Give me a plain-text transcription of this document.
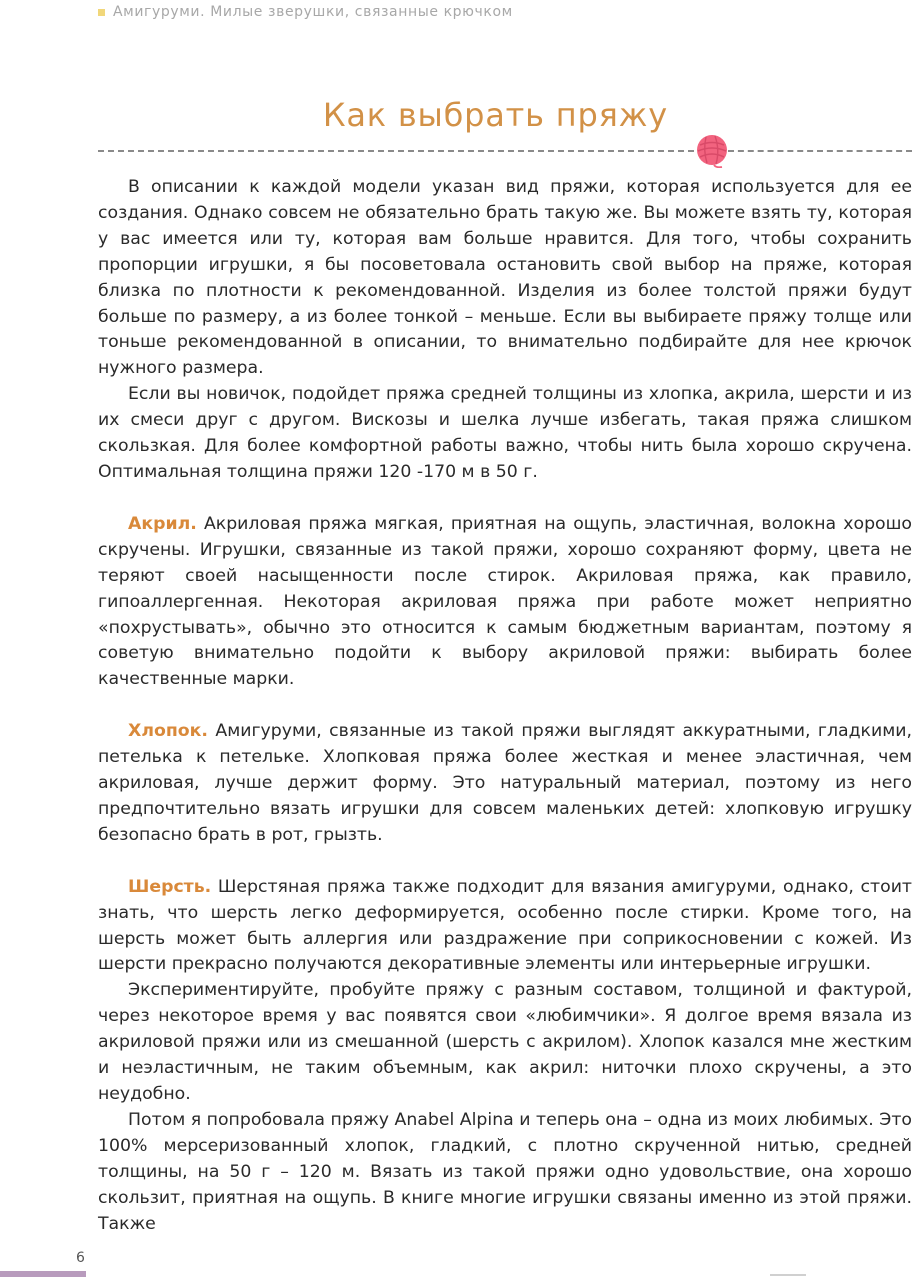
Амигуруми. Милые зверушки, связанные крючком
Как выбрать пряжу

В описании к каждой модели указан вид пряжи, которая используется для ее создания. Однако совсем не обязательно брать такую же. Вы можете взять ту, которая у вас имеется или ту, которая вам больше нравится. Для того, чтобы сохранить пропорции игрушки, я бы посоветовала остановить свой выбор на пряже, которая близка по плотности к рекомендованной. Изделия из более толстой пряжи будут больше по размеру, а из более тонкой – меньше. Если вы выбираете пряжу толще или тоньше рекомендованной в описании, то внимательно подбирайте для нее крючок нужного размера.

Если вы новичок, подойдет пряжа средней толщины из хлопка, акрила, шерсти и из их смеси друг с другом. Вискозы и шелка лучше избегать, такая пряжа слишком скользкая. Для более комфортной работы важно, чтобы нить была хорошо скручена. Оптимальная толщина пряжи 120 -170 м в 50 г.

Акрил. Акриловая пряжа мягкая, приятная на ощупь, эластичная, волокна хорошо скручены. Игрушки, связанные из такой пряжи, хорошо сохраняют форму, цвета не теряют своей насыщенности после стирок. Акриловая пряжа, как правило, гипоаллергенная. Некоторая акриловая пряжа при работе может неприятно «похрустывать», обычно это относится к самым бюджетным вариантам, поэтому я советую внимательно подойти к выбору акриловой пряжи: выбирать более качественные марки.

Хлопок. Амигуруми, связанные из такой пряжи выглядят аккуратными, гладкими, петелька к петельке. Хлопковая пряжа более жесткая и менее эластичная, чем акриловая, лучше держит форму. Это натуральный материал, поэтому из него предпочтительно вязать игрушки для совсем маленьких детей: хлопковую игрушку безопасно брать в рот, грызть.

Шерсть. Шерстяная пряжа также подходит для вязания амигуруми, однако, стоит знать, что шерсть легко деформируется, особенно после стирки. Кроме того, на шерсть может быть аллергия или раздражение при соприкосновении с кожей. Из шерсти прекрасно получаются декоративные элементы или интерьерные игрушки.

Экспериментируйте, пробуйте пряжу с разным составом, толщиной и фактурой, через некоторое время у вас появятся свои «любимчики». Я долгое время вязала из акриловой пряжи или из смешанной (шерсть с акрилом). Хлопок казался мне жестким и неэластичным, не таким объемным, как акрил: ниточки плохо скручены, а это неудобно.

Потом я попробовала пряжу Anabel Alpina и теперь она – одна из моих любимых. Это 100% мерсеризованный хлопок, гладкий, с плотно скрученной нитью, средней толщины, на 50 г – 120 м. Вязать из такой пряжи одно удовольствие, она хорошо скользит, приятная на ощупь. В книге многие игрушки связаны именно из этой пряжи. Также

6
